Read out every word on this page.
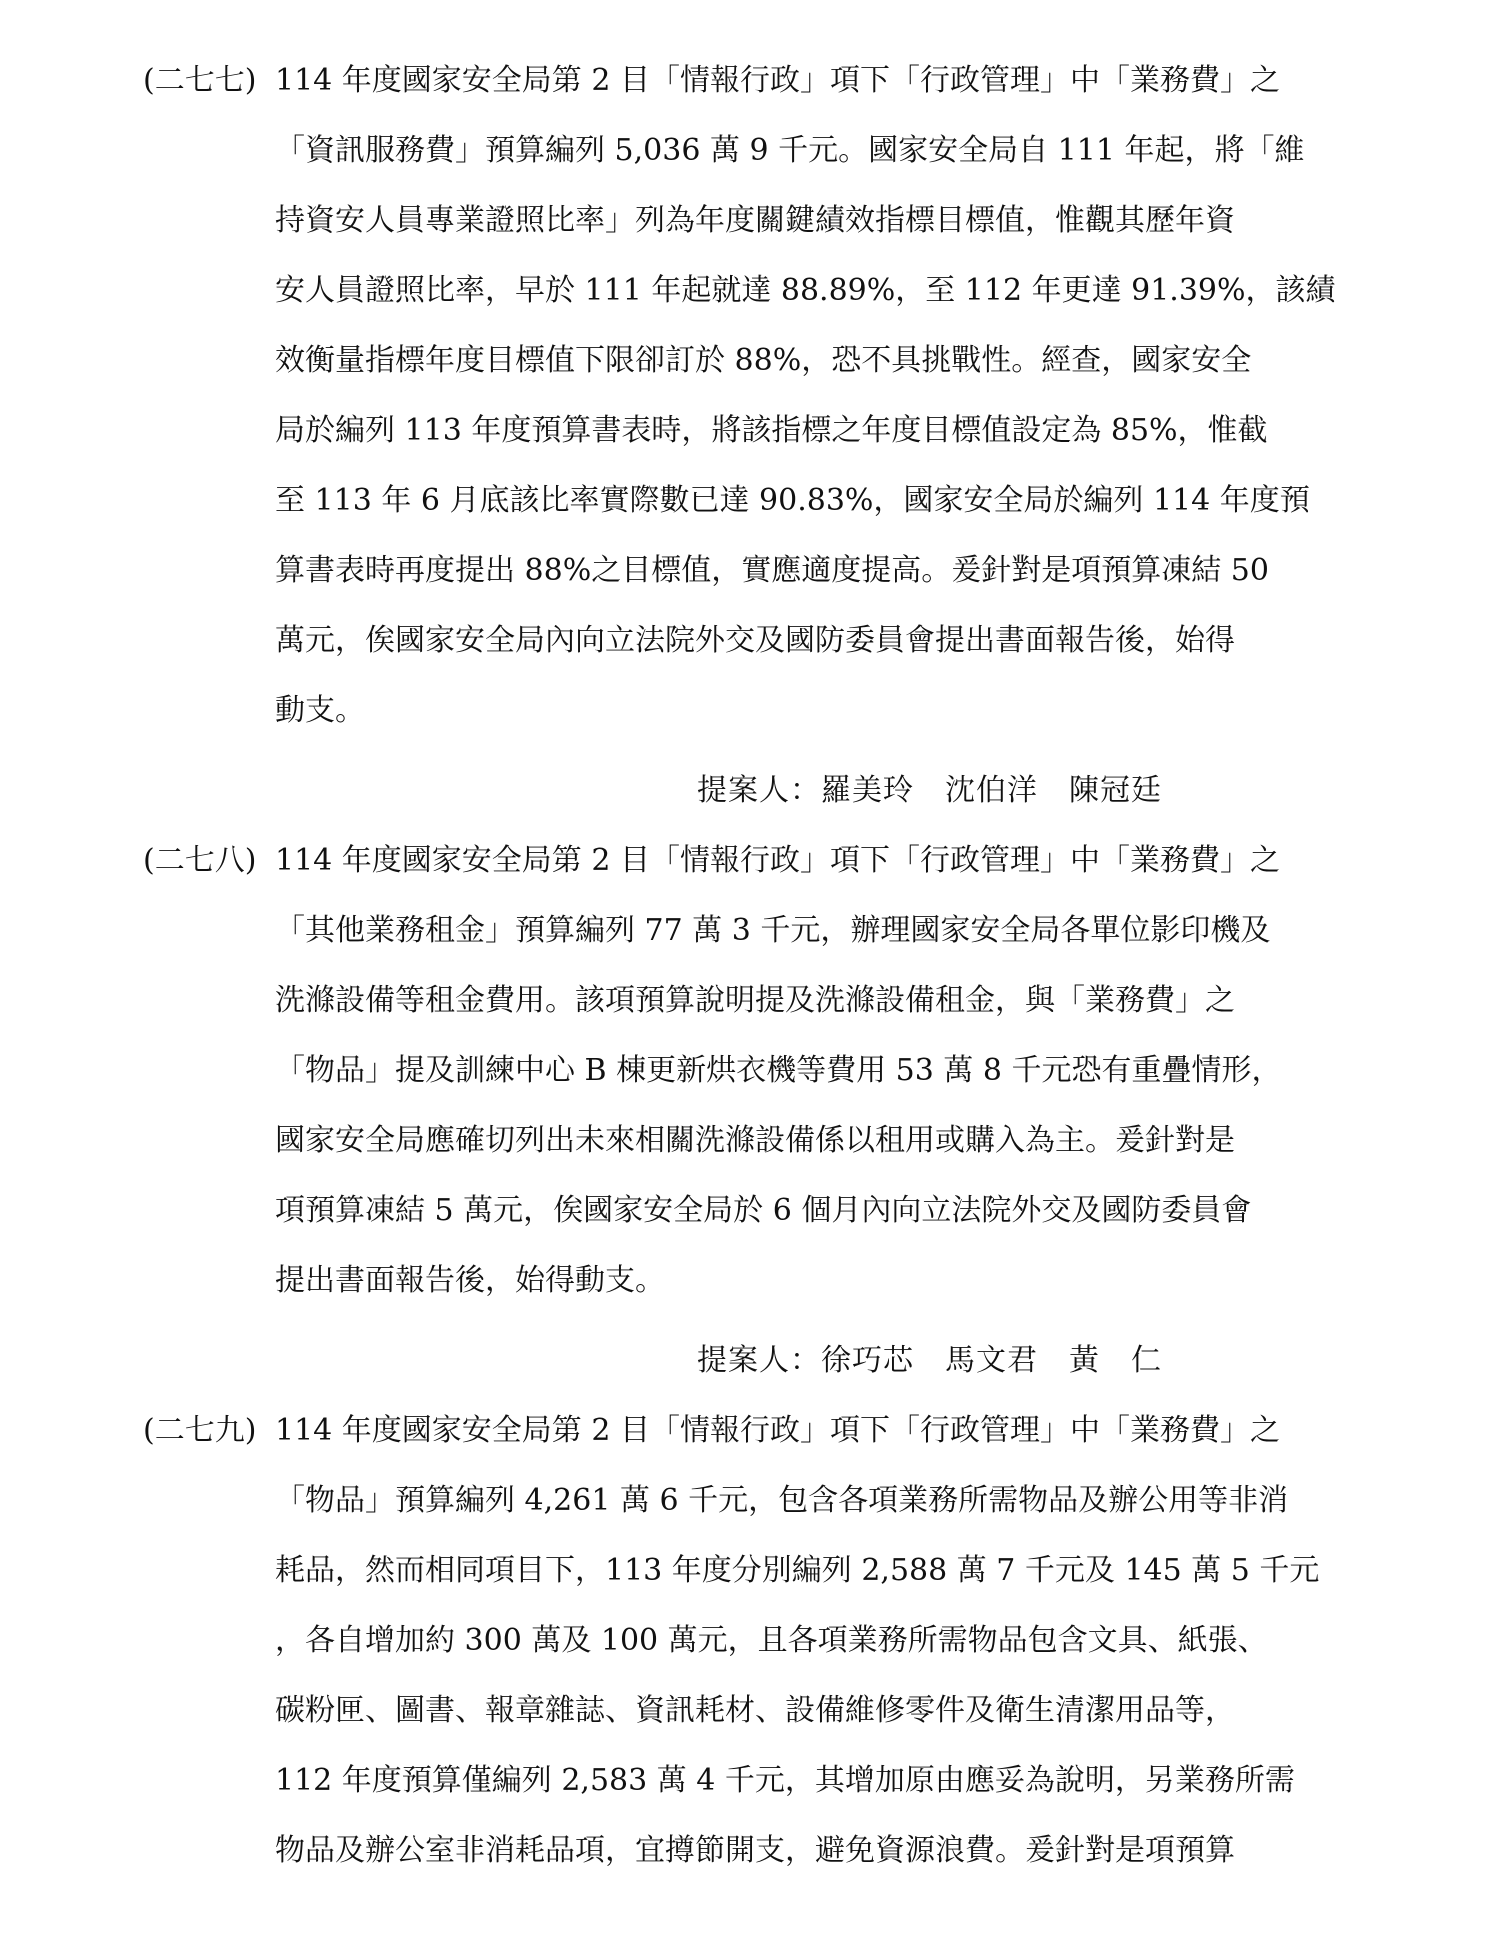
(二七七) 114 年度國家安全局第 2 目「情報行政」項下「行政管理」中「業務費」之
「資訊服務費」預算編列 5,036 萬 9 千元。國家安全局自 111 年起，將「維
持資安人員專業證照比率」列為年度關鍵績效指標目標值，惟觀其歷年資
安人員證照比率，早於 111 年起就達 88.89%，至 112 年更達 91.39%，該績
效衡量指標年度目標值下限卻訂於 88%，恐不具挑戰性。經查，國家安全
局於編列 113 年度預算書表時，將該指標之年度目標值設定為 85%，惟截
至 113 年 6 月底該比率實際數已達 90.83%，國家安全局於編列 114 年度預
算書表時再度提出 88%之目標值，實應適度提高。爰針對是項預算凍結 50
萬元，俟國家安全局內向立法院外交及國防委員會提出書面報告後，始得
動支。

提案人：羅美玲　沈伯洋　陳冠廷
(二七八) 114 年度國家安全局第 2 目「情報行政」項下「行政管理」中「業務費」之
「其他業務租金」預算編列 77 萬 3 千元，辦理國家安全局各單位影印機及
洗滌設備等租金費用。該項預算說明提及洗滌設備租金，與「業務費」之
「物品」提及訓練中心 B 棟更新烘衣機等費用 53 萬 8 千元恐有重疊情形，
國家安全局應確切列出未來相關洗滌設備係以租用或購入為主。爰針對是
項預算凍結 5 萬元，俟國家安全局於 6 個月內向立法院外交及國防委員會
提出書面報告後，始得動支。

提案人：徐巧芯　馬文君　黃　仁
(二七九) 114 年度國家安全局第 2 目「情報行政」項下「行政管理」中「業務費」之
「物品」預算編列 4,261 萬 6 千元，包含各項業務所需物品及辦公用等非消
耗品，然而相同項目下，113 年度分別編列 2,588 萬 7 千元及 145 萬 5 千元
，各自增加約 300 萬及 100 萬元，且各項業務所需物品包含文具、紙張、
碳粉匣、圖書、報章雜誌、資訊耗材、設備維修零件及衛生清潔用品等，
112 年度預算僅編列 2,583 萬 4 千元，其增加原由應妥為說明，另業務所需
物品及辦公室非消耗品項，宜撙節開支，避免資源浪費。爰針對是項預算
